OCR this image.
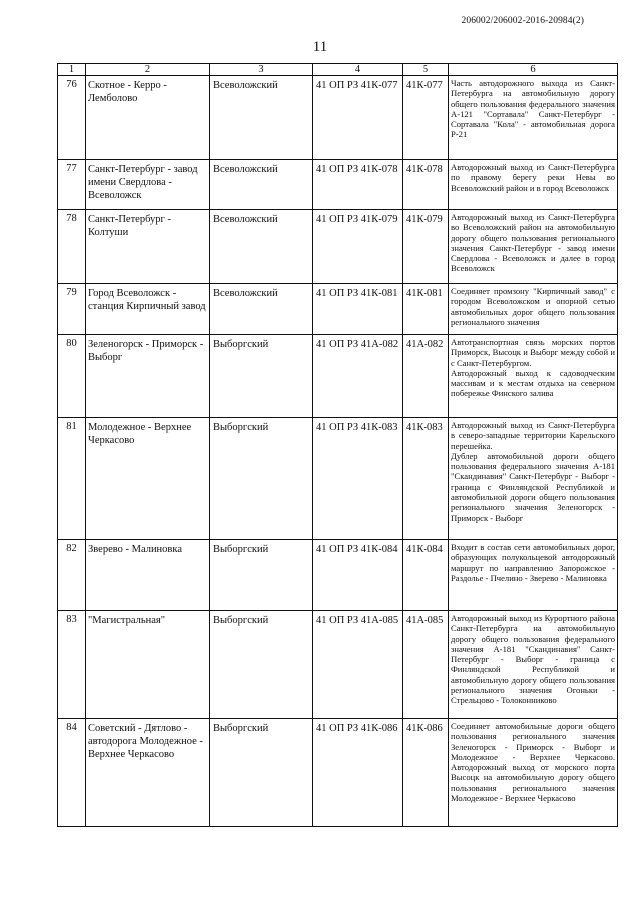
206002/206002-2016-20984(2)
11
1	2	3	4	5	6
76	Скотное - Керро - Лемболово	Всеволожский	41 ОП РЗ 41К-077	41К-077	Часть автодорожного выхода из Санкт-Петербурга на автомобильную дорогу общего пользования федерального значения А-121 "Сортавала" Санкт-Петербург - Сортавала "Кола" - автомобильная дорога Р-21

77	Санкт-Петербург - завод имени Свердлова - Всеволожск	Всеволожский	41 ОП РЗ 41К-078	41К-078	Автодорожный выход из Санкт-Петербурга по правому берегу реки Невы во Всеволожский район и в город Всеволожск

78	Санкт-Петербург - Колтуши	Всеволожский	41 ОП РЗ 41К-079	41К-079	Автодорожный выход из Санкт-Петербурга во Всеволожский район на автомобильную дорогу общего пользования регионального значения Санкт-Петербург - завод имени Свердлова - Всеволожск и далее в город Всеволожск

79	Город Всеволожск - станция Кирпичный завод	Всеволожский	41 ОП РЗ 41К-081	41К-081	Соединяет промзону "Кирпичный завод" с городом Всеволожском и опорной сетью автомобильных дорог общего пользования регионального значения

80	Зеленогорск - Приморск - Выборг	Выборгский	41 ОП РЗ 41А-082	41А-082	Автотранспортная связь морских портов Приморск, Высоцк и Выборг между собой и с Санкт-Петербургом.
Автодорожный выход к садоводческим массивам и к местам отдыха на северном побережье Финского залива

81	Молодежное - Верхнее Черкасово	Выборгский	41 ОП РЗ 41К-083	41К-083	Автодорожный выход из Санкт-Петербурга в северо-западные территории Карельского перешейка.
Дублер автомобильной дороги общего пользования федерального значения А-181 "Скандинавия" Санкт-Петербург - Выборг - граница с Финляндской Республикой и автомобильной дороги общего пользования регионального значения Зеленогорск - Приморск - Выборг

82	Зверево - Малиновка	Выборгский	41 ОП РЗ 41К-084	41К-084	Входит в состав сети автомобильных дорог, образующих полукольцевой автодорожный маршрут по направлению Запорожское - Раздолье - Пчелино - Зверево - Малиновка

83	"Магистральная"	Выборгский	41 ОП РЗ 41А-085	41А-085	Автодорожный выход из Курортного района Санкт-Петербурга на автомобильную дорогу общего пользования федерального значения А-181 "Скандинавия" Санкт-Петербург - Выборг - граница с Финляндской Республикой и автомобильную дорогу общего пользования регионального значения Огоньки - Стрельцово - Толоконниково

84	Советский - Дятлово - автодорога Молодежное - Верхнее Черкасово	Выборгский	41 ОП РЗ 41К-086	41К-086	Соединяет автомобильные дороги общего пользования регионального значения Зеленогорск - Приморск - Выборг и Молодежное - Верхнее Черкасово. Автодорожный выход от морского порта Высоцк на автомобильную дорогу общего пользования регионального значения Молодежное - Верхнее Черкасово
